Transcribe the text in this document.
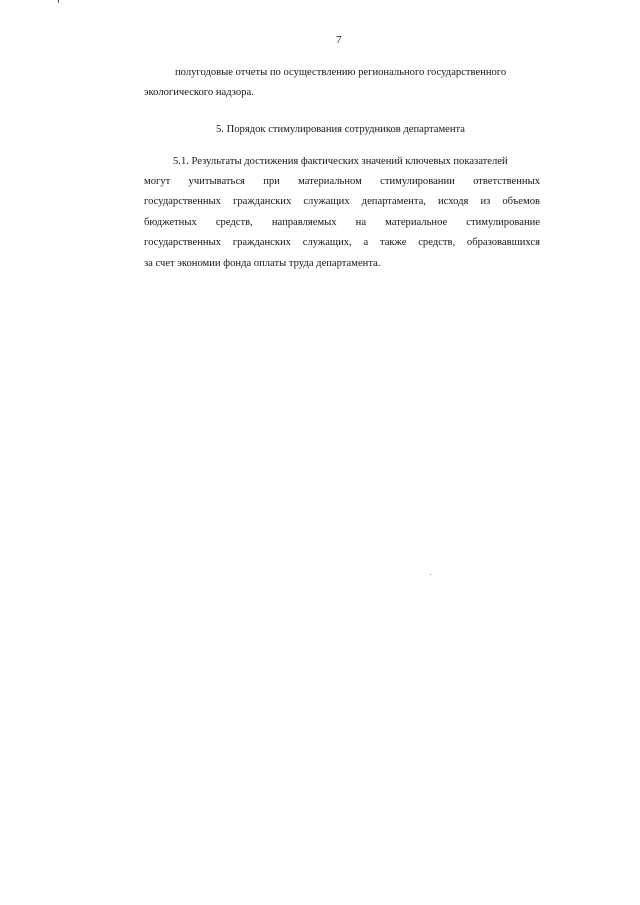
7
полугодовые отчеты по осуществлению регионального государственного
экологического надзора.
5. Порядок стимулирования сотрудников департамента
5.1. Результаты достижения фактических значений ключевых показателей
могут учитываться при материальном стимулировании ответственных
государственных гражданских служащих департамента, исходя из объемов
бюджетных средств, направляемых на материальное стимулирование
государственных гражданских служащих, а также средств, образовавшихся
за счет экономии фонда оплаты труда департамента.
